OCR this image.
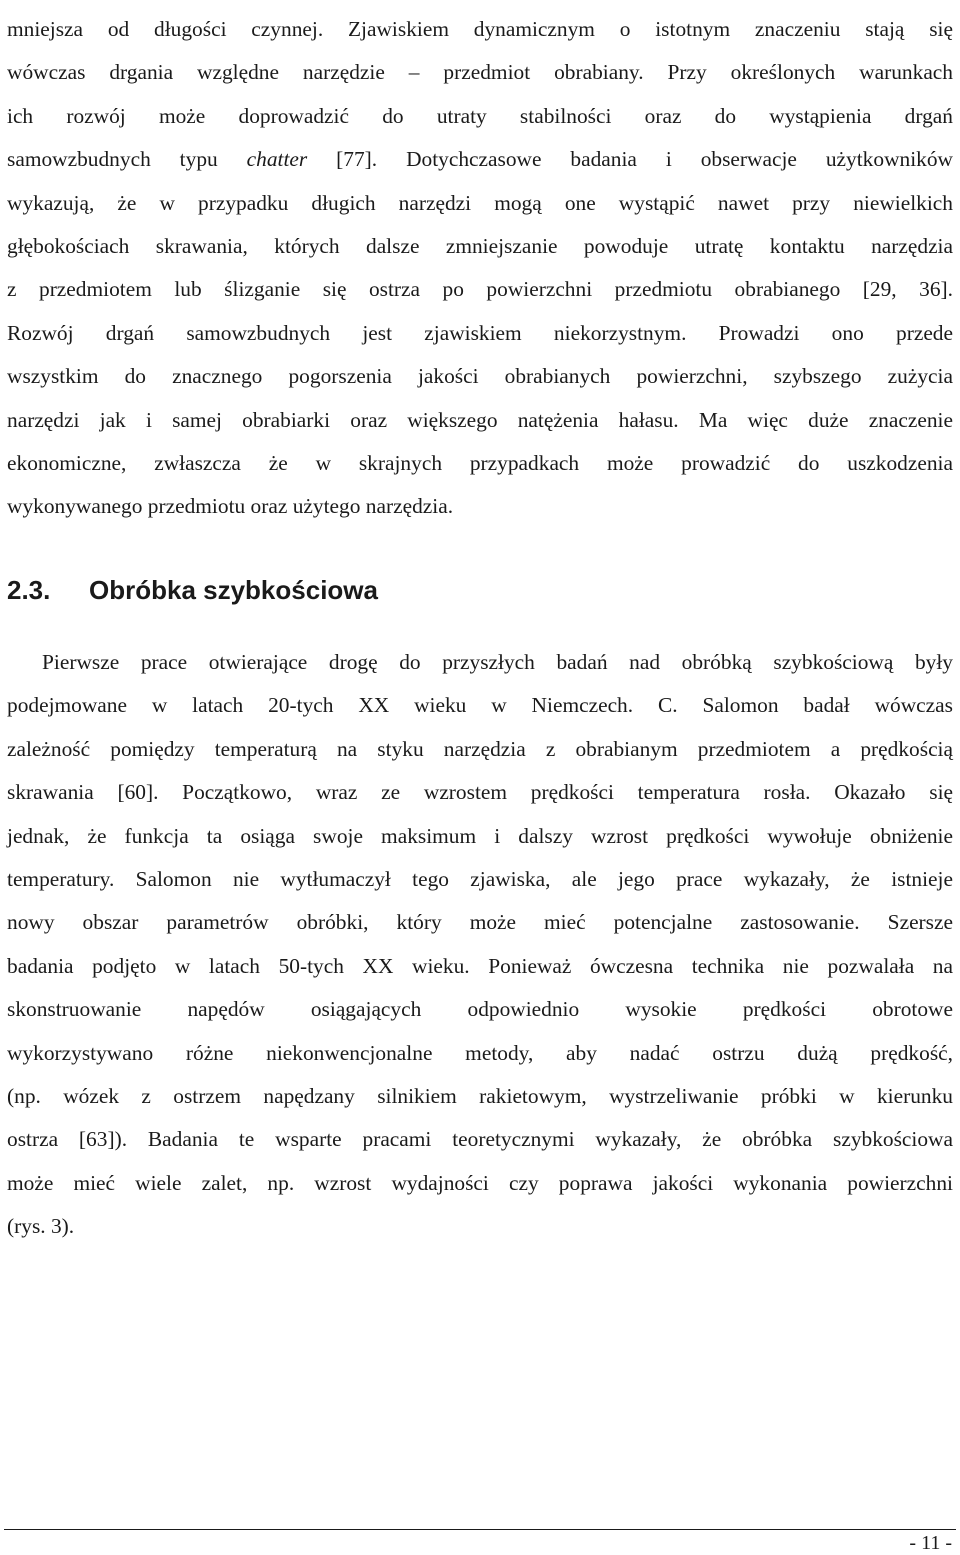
mniejsza od długości czynnej. Zjawiskiem dynamicznym o istotnym znaczeniu stają się
wówczas drgania względne narzędzie – przedmiot obrabiany. Przy określonych warunkach
ich rozwój może doprowadzić do utraty stabilności oraz do wystąpienia drgań
samowzbudnych typu chatter [77]. Dotychczasowe badania i obserwacje użytkowników
wykazują, że w przypadku długich narzędzi mogą one wystąpić nawet przy niewielkich
głębokościach skrawania, których dalsze zmniejszanie powoduje utratę kontaktu narzędzia
z przedmiotem lub ślizganie się ostrza po powierzchni przedmiotu obrabianego [29, 36].
Rozwój drgań samowzbudnych jest zjawiskiem niekorzystnym. Prowadzi ono przede
wszystkim do znacznego pogorszenia jakości obrabianych powierzchni, szybszego zużycia
narzędzi jak i samej obrabiarki oraz większego natężenia hałasu. Ma więc duże znaczenie
ekonomiczne, zwłaszcza że w skrajnych przypadkach może prowadzić do uszkodzenia
wykonywanego przedmiotu oraz użytego narzędzia.
2.3. Obróbka szybkościowa
Pierwsze prace otwierające drogę do przyszłych badań nad obróbką szybkościową były
podejmowane w latach 20-tych XX wieku w Niemczech. C. Salomon badał wówczas
zależność pomiędzy temperaturą na styku narzędzia z obrabianym przedmiotem a prędkością
skrawania [60]. Początkowo, wraz ze wzrostem prędkości temperatura rosła. Okazało się
jednak, że funkcja ta osiąga swoje maksimum i dalszy wzrost prędkości wywołuje obniżenie
temperatury. Salomon nie wytłumaczył tego zjawiska, ale jego prace wykazały, że istnieje
nowy obszar parametrów obróbki, który może mieć potencjalne zastosowanie. Szersze
badania podjęto w latach 50-tych XX wieku. Ponieważ ówczesna technika nie pozwalała na
skonstruowanie napędów osiągających odpowiednio wysokie prędkości obrotowe
wykorzystywano różne niekonwencjonalne metody, aby nadać ostrzu dużą prędkość,
(np. wózek z ostrzem napędzany silnikiem rakietowym, wystrzeliwanie próbki w kierunku
ostrza [63]). Badania te wsparte pracami teoretycznymi wykazały, że obróbka szybkościowa
może mieć wiele zalet, np. wzrost wydajności czy poprawa jakości wykonania powierzchni
(rys. 3).
- 11 -
